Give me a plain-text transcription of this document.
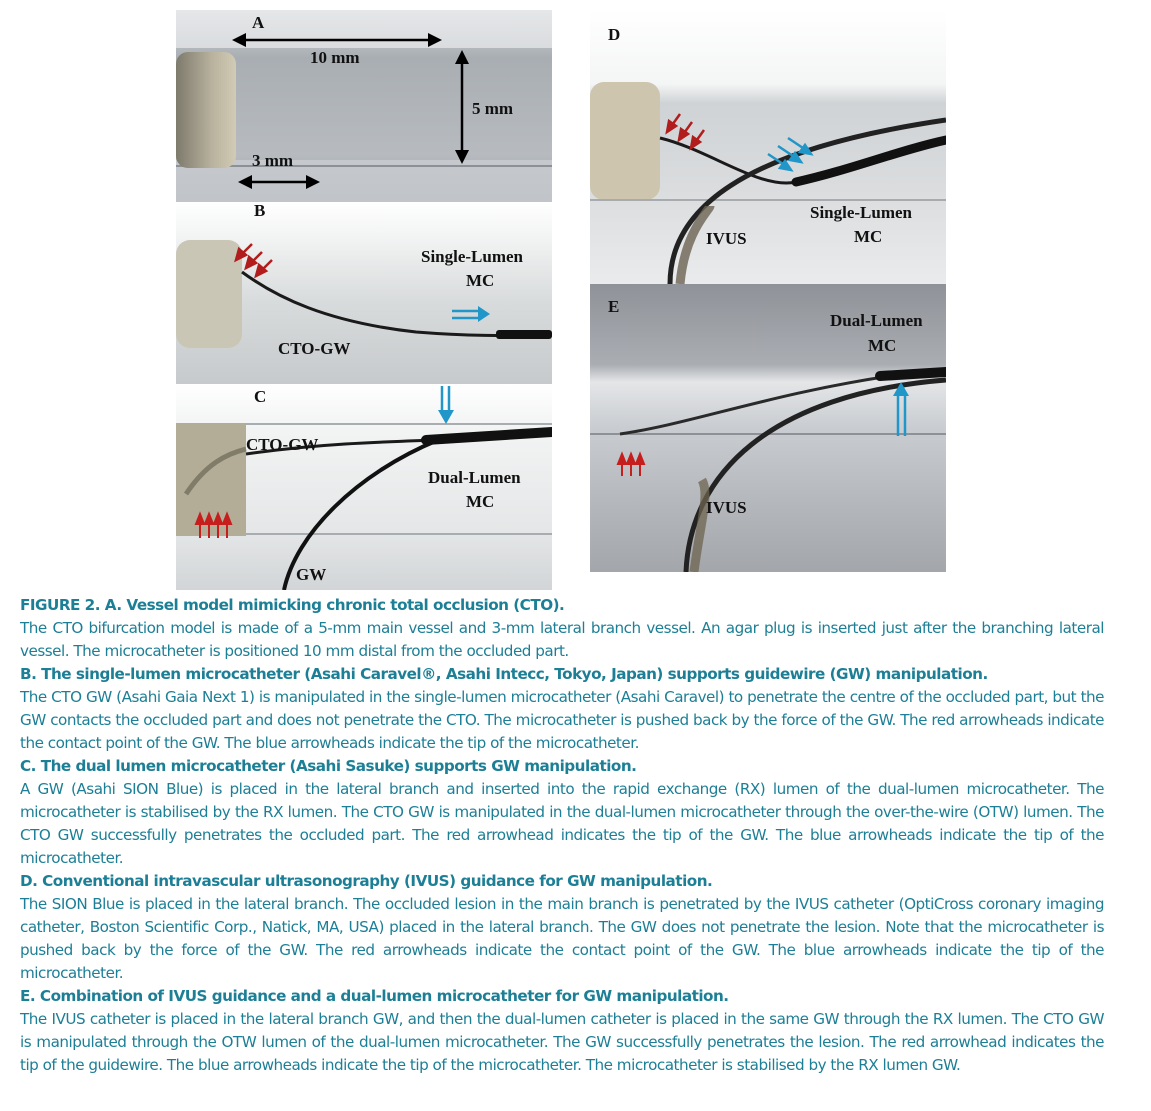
A
10 mm
5 mm
3 mm
B
Single-Lumen
MC
CTO-GW
C
CTO-GW
Dual-Lumen
MC
GW
D
IVUS
Single-Lumen
MC
E
Dual-Lumen
MC
IVUS

FIGURE 2. A. Vessel model mimicking chronic total occlusion (CTO).

The CTO bifurcation model is made of a 5-mm main vessel and 3-mm lateral branch vessel. An agar plug is inserted just after the branching lateral vessel. The microcatheter is positioned 10 mm distal from the occluded part.

B. The single-lumen microcatheter (Asahi Caravel®, Asahi Intecc, Tokyo, Japan) supports guidewire (GW) manipulation.

The CTO GW (Asahi Gaia Next 1) is manipulated in the single-lumen microcatheter (Asahi Caravel) to penetrate the centre of the occluded part, but the GW contacts the occluded part and does not penetrate the CTO. The microcatheter is pushed back by the force of the GW. The red arrowheads indicate the contact point of the GW. The blue arrowheads indicate the tip of the microcatheter.

C. The dual lumen microcatheter (Asahi Sasuke) supports GW manipulation.

A GW (Asahi SION Blue) is placed in the lateral branch and inserted into the rapid exchange (RX) lumen of the dual-lumen microcatheter. The microcatheter is stabilised by the RX lumen. The CTO GW is manipulated in the dual-lumen microcatheter through the over-the-wire (OTW) lumen. The CTO GW successfully penetrates the occluded part. The red arrowhead indicates the tip of the GW. The blue arrowheads indicate the tip of the microcatheter.

D. Conventional intravascular ultrasonography (IVUS) guidance for GW manipulation.

The SION Blue is placed in the lateral branch. The occluded lesion in the main branch is penetrated by the IVUS catheter (OptiCross coronary imaging catheter, Boston Scientific Corp., Natick, MA, USA) placed in the lateral branch. The GW does not penetrate the lesion. Note that the microcatheter is pushed back by the force of the GW. The red arrowheads indicate the contact point of the GW. The blue arrowheads indicate the tip of the microcatheter.

E. Combination of IVUS guidance and a dual-lumen microcatheter for GW manipulation.

The IVUS catheter is placed in the lateral branch GW, and then the dual-lumen catheter is placed in the same GW through the RX lumen. The CTO GW is manipulated through the OTW lumen of the dual-lumen microcatheter. The GW successfully penetrates the lesion. The red arrowhead indicates the tip of the guidewire. The blue arrowheads indicate the tip of the microcatheter. The microcatheter is stabilised by the RX lumen GW.
